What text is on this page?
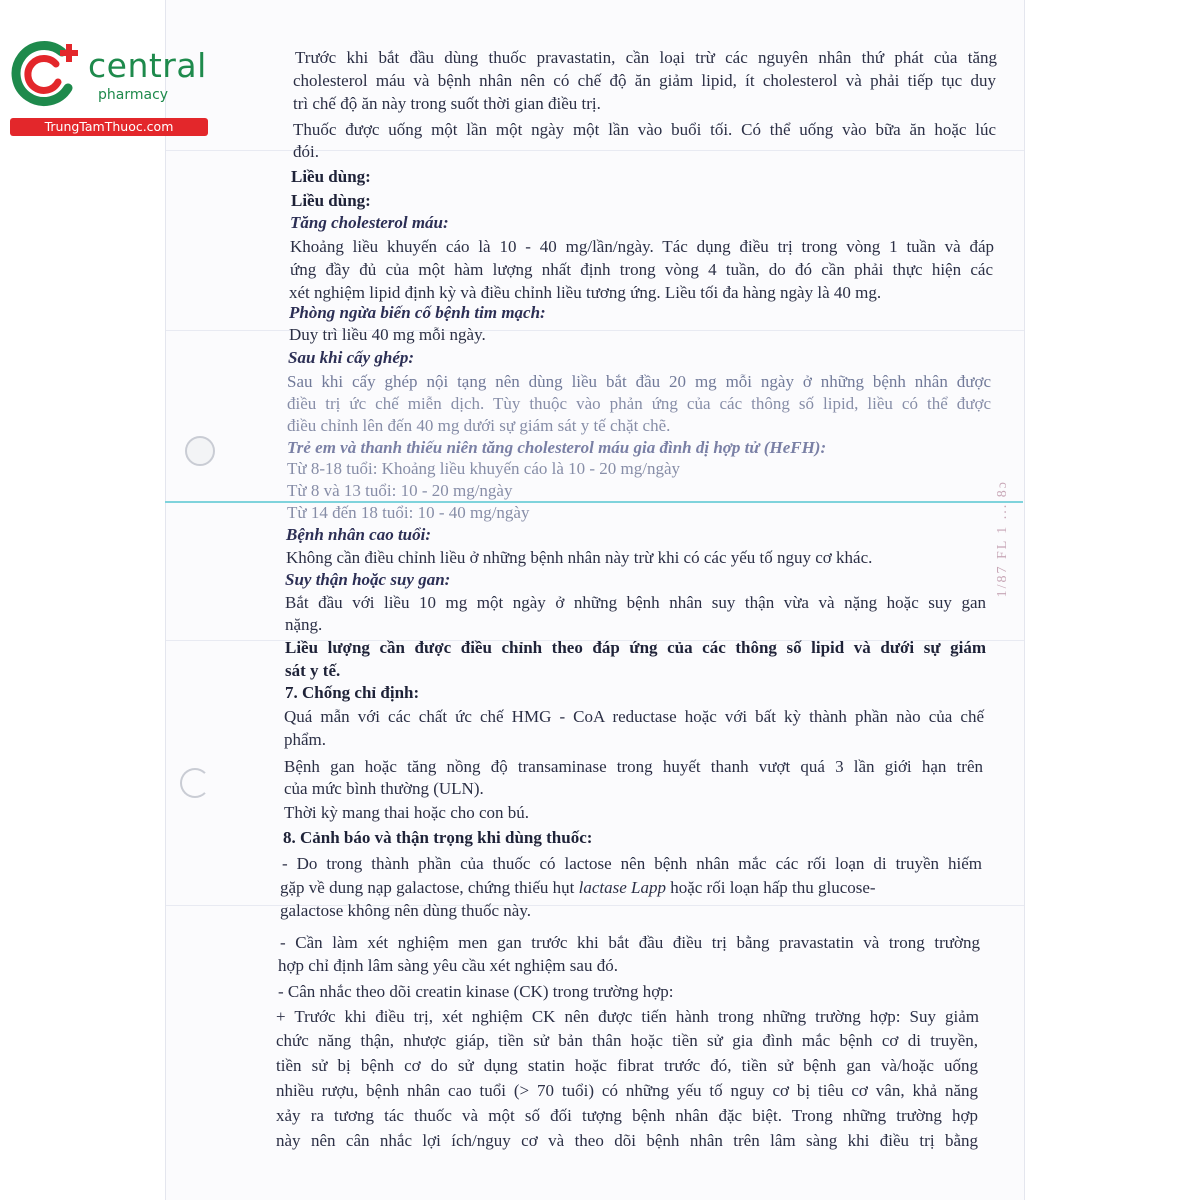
1/87 FL 1 ... 8ɔ
central
pharmacy
TrungTamThuoc.com
Trước khi bắt đầu dùng thuốc pravastatin, cần loại trừ các nguyên nhân thứ phát của tăng
cholesterol máu và bệnh nhân nên có chế độ ăn giảm lipid, ít cholesterol và phải tiếp tục duy
trì chế độ ăn này trong suốt thời gian điều trị.
Thuốc được uống một lần một ngày một lần vào buổi tối. Có thể uống vào bữa ăn hoặc lúc
đói.
Liều dùng:
Liều dùng:
Tăng cholesterol máu:
Khoảng liều khuyến cáo là 10 - 40 mg/lần/ngày. Tác dụng điều trị trong vòng 1 tuần và đáp
ứng đầy đủ của một hàm lượng nhất định trong vòng 4 tuần, do đó cần phải thực hiện các
xét nghiệm lipid định kỳ và điều chỉnh liều tương ứng. Liều tối đa hàng ngày là 40 mg.
Phòng ngừa biến cố bệnh tim mạch:
Duy trì liều 40 mg mỗi ngày.
Sau khi cấy ghép:
Sau khi cấy ghép nội tạng nên dùng liều bắt đầu 20 mg mỗi ngày ở những bệnh nhân được
điều trị ức chế miễn dịch. Tùy thuộc vào phản ứng của các thông số lipid, liều có thể được
điều chỉnh lên đến 40 mg dưới sự giám sát y tế chặt chẽ.
Trẻ em và thanh thiếu niên tăng cholesterol máu gia đình dị hợp tử (HeFH):
Từ 8-18 tuổi: Khoảng liều khuyến cáo là 10 - 20 mg/ngày
Từ 8 và 13 tuổi: 10 - 20 mg/ngày
Từ 14 đến 18 tuổi: 10 - 40 mg/ngày
Bệnh nhân cao tuổi:
Không cần điều chỉnh liều ở những bệnh nhân này trừ khi có các yếu tố nguy cơ khác.
Suy thận hoặc suy gan:
Bắt đầu với liều 10 mg một ngày ở những bệnh nhân suy thận vừa và nặng hoặc suy gan
nặng.
Liều lượng cần được điều chỉnh theo đáp ứng của các thông số lipid và dưới sự giám
sát y tế.
7. Chống chỉ định:
Quá mẫn với các chất ức chế HMG - CoA reductase hoặc với bất kỳ thành phần nào của chế
phẩm.
Bệnh gan hoặc tăng nồng độ transaminase trong huyết thanh vượt quá 3 lần giới hạn trên
của mức bình thường (ULN).
Thời kỳ mang thai hoặc cho con bú.
8. Cảnh báo và thận trọng khi dùng thuốc:
- Do trong thành phần của thuốc có lactose nên bệnh nhân mắc các rối loạn di truyền hiếm
gặp về dung nạp galactose, chứng thiếu hụt lactase Lapp hoặc rối loạn hấp thu glucose-
galactose không nên dùng thuốc này.
- Cần làm xét nghiệm men gan trước khi bắt đầu điều trị bằng pravastatin và trong trường
hợp chỉ định lâm sàng yêu cầu xét nghiệm sau đó.
- Cân nhắc theo dõi creatin kinase (CK) trong trường hợp:
+ Trước khi điều trị, xét nghiệm CK nên được tiến hành trong những trường hợp: Suy giảm
chức năng thận, nhược giáp, tiền sử bản thân hoặc tiền sử gia đình mắc bệnh cơ di truyền,
tiền sử bị bệnh cơ do sử dụng statin hoặc fibrat trước đó, tiền sử bệnh gan và/hoặc uống
nhiều rượu, bệnh nhân cao tuổi (> 70 tuổi) có những yếu tố nguy cơ bị tiêu cơ vân, khả năng
xảy ra tương tác thuốc và một số đối tượng bệnh nhân đặc biệt. Trong những trường hợp
này nên cân nhắc lợi ích/nguy cơ và theo dõi bệnh nhân trên lâm sàng khi điều trị bằng
